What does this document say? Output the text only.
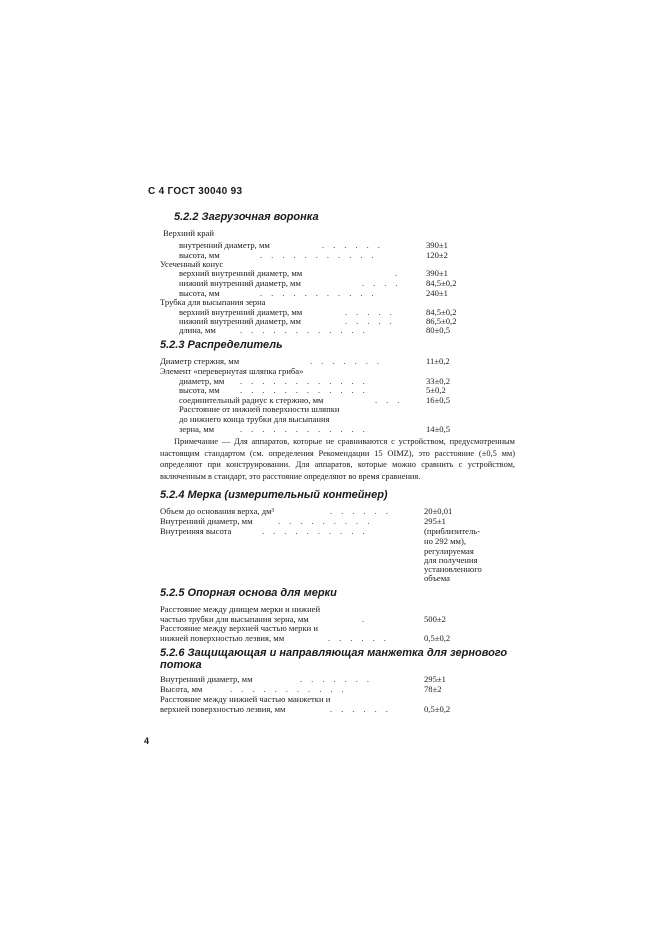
С 4 ГОСТ 30040 93
5.2.2 Загрузочная воронка
Верхний край
внутренний диаметр, мм	......	390±1
высота, мм	...........	120±2
Усеченный конус
верхний внутренний диаметр, мм	. 390±1
нижний внутренний диаметр, мм	.... 84,5±0,2
высота, мм	...........	240±1
Трубка для высыпания зерна
верхний внутренний диаметр, мм	.....	84,5±0,2
нижний внутренний диаметр, мм	.....	86,5±0,2
длина, мм	............	80±0,5
5.2.3 Распределитель
Диаметр стержня, мм	.......	11±0,2
Элемент «перевернутая шляпка гриба»
диаметр, мм ............	33±0,2
высота, мм ............	5±0,2
соединительный радиус к стержню, мм	... 16±0,5
Расстояние от нижней поверхности шляпки
до нижнего конца трубки для высыпания
зерна, мм	............	14±0,5
Примечание — Для аппаратов, которые не сравниваются с устройством, предусмотренным настоящим стандартом (см. определения Рекомендации 15 OIMZ), это расстояние (±0,5 мм) определяют при конструировании. Для аппаратов, которые можно сравнить с устройством, включенным в стандарт, это расстояние определяют во время сравнения.
5.2.4 Мерка (измерительный контейнер)
Объем до основания верха, дм³	......	20±0,01
Внутренний диаметр, мм	.........	295±1
Внутренняя высота	..........	(приблизитель-
но 292 мм),
регулируемая
для получения
установленного
объема
5.2.5 Опорная основа для мерки
Расстояние между днищем мерки и нижней
частью трубки для высыпания зерна, мм	.	500±2
Расстояние между верхней частью мерки и
нижней поверхностью лезвия, мм	......	0,5±0,2
5.2.6 Защищающая и направляющая манжетка для зернового потока
Внутренний диаметр, мм	.......	295±1
Высота, мм	...........	78±2
Расстояние между нижней частью манжетки и
верхней поверхностью лезвия, мм	......	0,5±0,2
4
